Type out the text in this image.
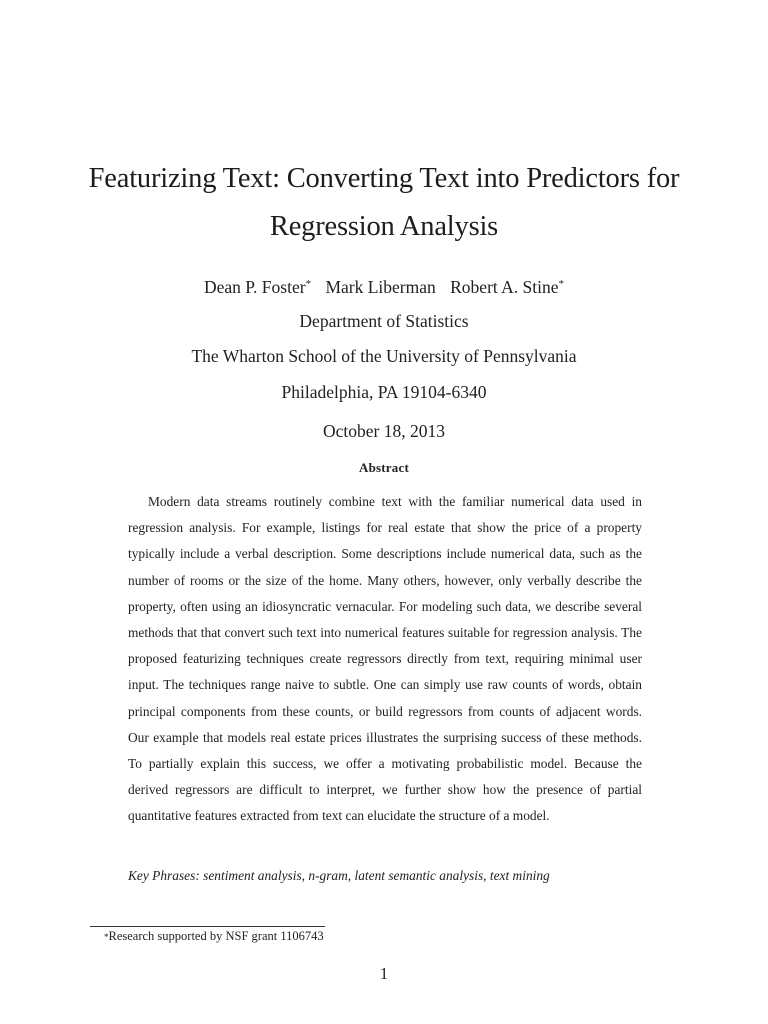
Featurizing Text: Converting Text into Predictors for
Regression Analysis
Dean P. Foster* Mark Liberman Robert A. Stine*
Department of Statistics
The Wharton School of the University of Pennsylvania
Philadelphia, PA 19104-6340
October 18, 2013
Abstract

Modern data streams routinely combine text with the familiar numerical data used in regression analysis. For example, listings for real estate that show the price of a property typically include a verbal description. Some descriptions include numerical data, such as the number of rooms or the size of the home. Many others, however, only verbally describe the property, often using an idiosyncratic vernacular. For modeling such data, we describe several methods that that convert such text into numerical features suitable for regression analysis. The proposed featurizing techniques create regressors directly from text, requiring minimal user input. The techniques range naive to subtle. One can simply use raw counts of words, obtain principal components from these counts, or build regressors from counts of adjacent words. Our example that models real estate prices illustrates the surprising success of these methods. To partially explain this success, we offer a motivating probabilistic model. Because the derived regressors are difficult to interpret, we further show how the presence of partial quantitative features extracted from text can elucidate the structure of a model.

Key Phrases: sentiment analysis, n-gram, latent semantic analysis, text mining

*Research supported by NSF grant 1106743
1
